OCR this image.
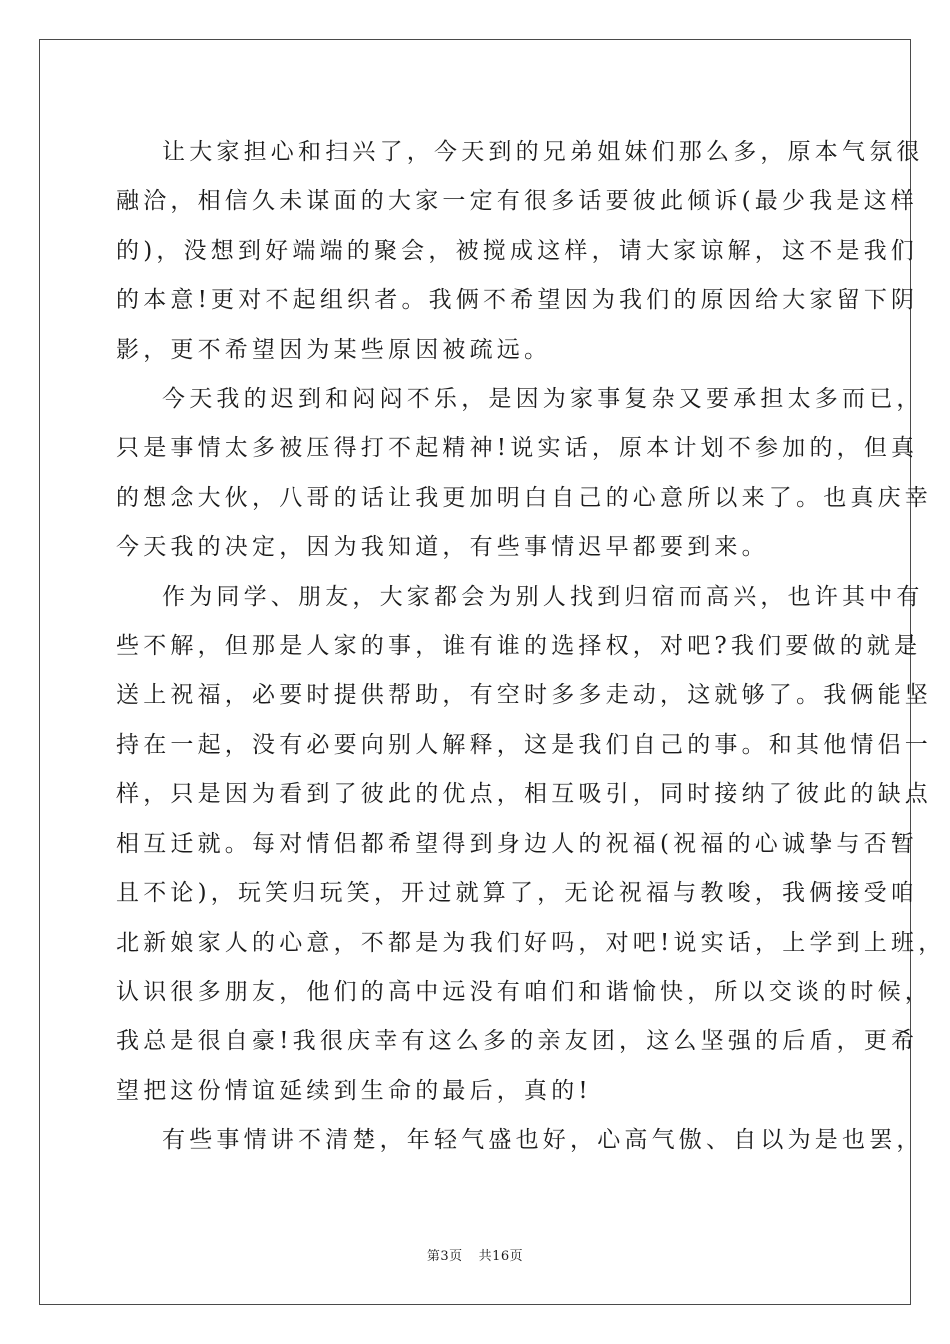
让大家担心和扫兴了，今天到的兄弟姐妹们那么多，原本气氛很
融洽，相信久未谋面的大家一定有很多话要彼此倾诉(最少我是这样
的)，没想到好端端的聚会，被搅成这样，请大家谅解，这不是我们
的本意!更对不起组织者。我俩不希望因为我们的原因给大家留下阴
影，更不希望因为某些原因被疏远。
今天我的迟到和闷闷不乐，是因为家事复杂又要承担太多而已，
只是事情太多被压得打不起精神!说实话，原本计划不参加的，但真
的想念大伙，八哥的话让我更加明白自己的心意所以来了。也真庆幸
今天我的决定，因为我知道，有些事情迟早都要到来。
作为同学、朋友，大家都会为别人找到归宿而高兴，也许其中有
些不解，但那是人家的事，谁有谁的选择权，对吧?我们要做的就是
送上祝福，必要时提供帮助，有空时多多走动，这就够了。我俩能坚
持在一起，没有必要向别人解释，这是我们自己的事。和其他情侣一
样，只是因为看到了彼此的优点，相互吸引，同时接纳了彼此的缺点
相互迁就。每对情侣都希望得到身边人的祝福(祝福的心诚挚与否暂
且不论)，玩笑归玩笑，开过就算了，无论祝福与教唆，我俩接受咱
北新娘家人的心意，不都是为我们好吗，对吧!说实话，上学到上班，
认识很多朋友，他们的高中远没有咱们和谐愉快，所以交谈的时候，
我总是很自豪!我很庆幸有这么多的亲友团，这么坚强的后盾，更希
望把这份情谊延续到生命的最后，真的!
有些事情讲不清楚，年轻气盛也好，心高气傲、自以为是也罢，
第3页 共16页
